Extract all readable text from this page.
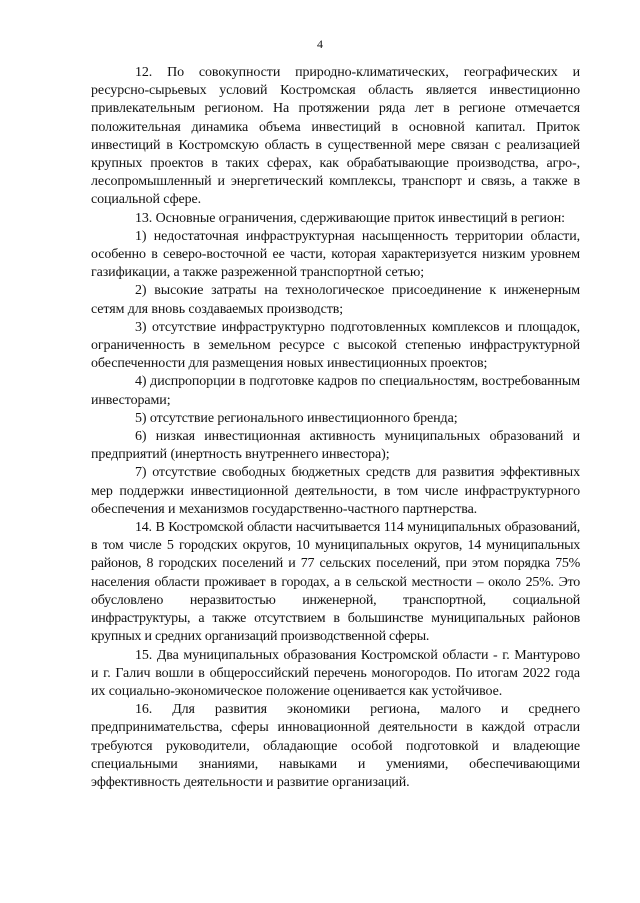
4

12. По совокупности природно-климатических, географических и ресурсно-сырьевых условий Костромская область является инвестиционно привлекательным регионом. На протяжении ряда лет в регионе отмечается положительная динамика объема инвестиций в основной капитал. Приток инвестиций в Костромскую область в существенной мере связан с реализацией крупных проектов в таких сферах, как обрабатывающие производства, агро-, лесопромышленный и энергетический комплексы, транспорт и связь, а также в социальной сфере.

13. Основные ограничения, сдерживающие приток инвестиций в регион:

1) недостаточная инфраструктурная насыщенность территории области, особенно в северо-восточной ее части, которая характеризуется низким уровнем газификации, а также разреженной транспортной сетью;

2) высокие затраты на технологическое присоединение к инженерным сетям для вновь создаваемых производств;

3) отсутствие инфраструктурно подготовленных комплексов и площадок, ограниченность в земельном ресурсе с высокой степенью инфраструктурной обеспеченности для размещения новых инвестиционных проектов;

4) диспропорции в подготовке кадров по специальностям, востребованным инвесторами;

5) отсутствие регионального инвестиционного бренда;

6) низкая инвестиционная активность муниципальных образований и предприятий (инертность внутреннего инвестора);

7) отсутствие свободных бюджетных средств для развития эффективных мер поддержки инвестиционной деятельности, в том числе инфраструктурного обеспечения и механизмов государственно-частного партнерства.

14. В Костромской области насчитывается 114 муниципальных образований, в том числе 5 городских округов, 10 муниципальных округов, 14 муниципальных районов, 8 городских поселений и 77 сельских поселений, при этом порядка 75% населения области проживает в городах, а в сельской местности – около 25%. Это обусловлено неразвитостью инженерной, транспортной, социальной инфраструктуры, а также отсутствием в большинстве муниципальных районов крупных и средних организаций производственной сферы.

15. Два муниципальных образования Костромской области - г. Мантурово и г. Галич вошли в общероссийский перечень моногородов. По итогам 2022 года их социально-экономическое положение оценивается как устойчивое.

16. Для развития экономики региона, малого и среднего предпринимательства, сферы инновационной деятельности в каждой отрасли требуются руководители, обладающие особой подготовкой и владеющие специальными знаниями, навыками и умениями, обеспечивающими эффективность деятельности и развитие организаций.
